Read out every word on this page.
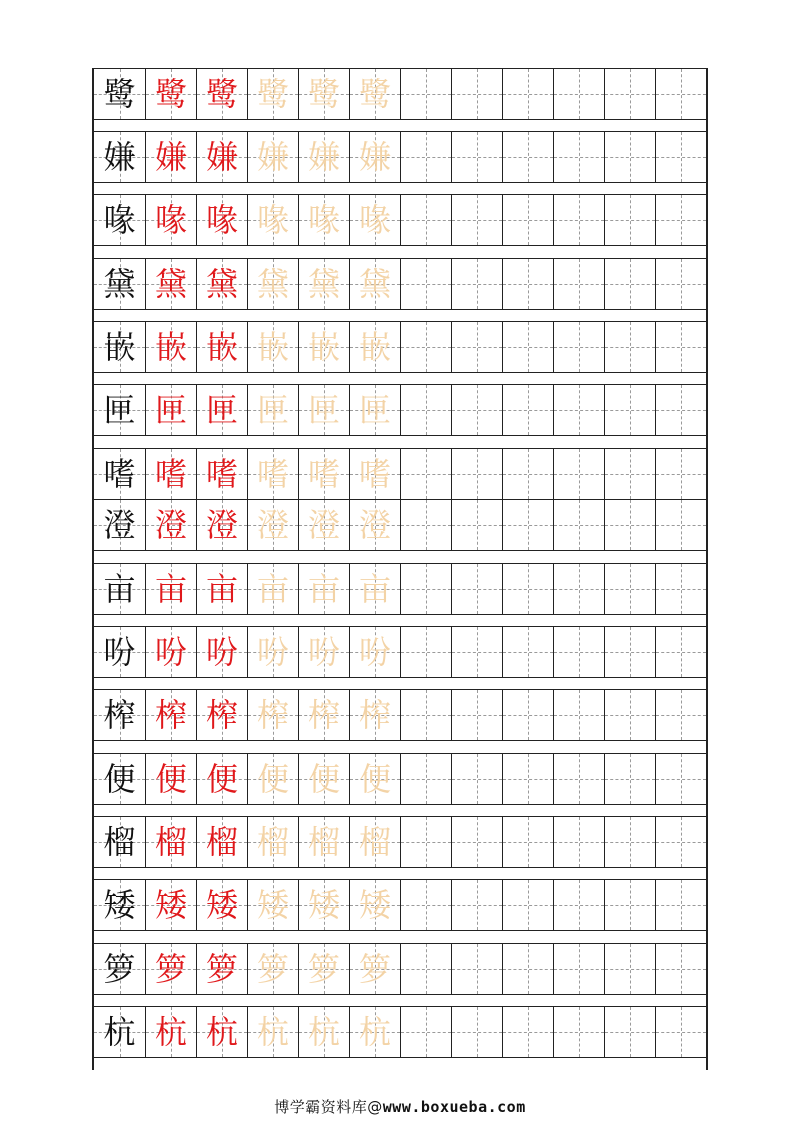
鹭 鹭 鹭 鹭 鹭 鹭
嫌 嫌 嫌 嫌 嫌 嫌
喙 喙 喙 喙 喙 喙
黛 黛 黛 黛 黛 黛
嵌 嵌 嵌 嵌 嵌 嵌
匣 匣 匣 匣 匣 匣
嗜 嗜 嗜 嗜 嗜 嗜
澄 澄 澄 澄 澄 澄
亩 亩 亩 亩 亩 亩
吩 吩 吩 吩 吩 吩
榨 榨 榨 榨 榨 榨
便 便 便 便 便 便
榴 榴 榴 榴 榴 榴
矮 矮 矮 矮 矮 矮
箩 箩 箩 箩 箩 箩
杭 杭 杭 杭 杭 杭
博学霸资料库@www.boxueba.com
